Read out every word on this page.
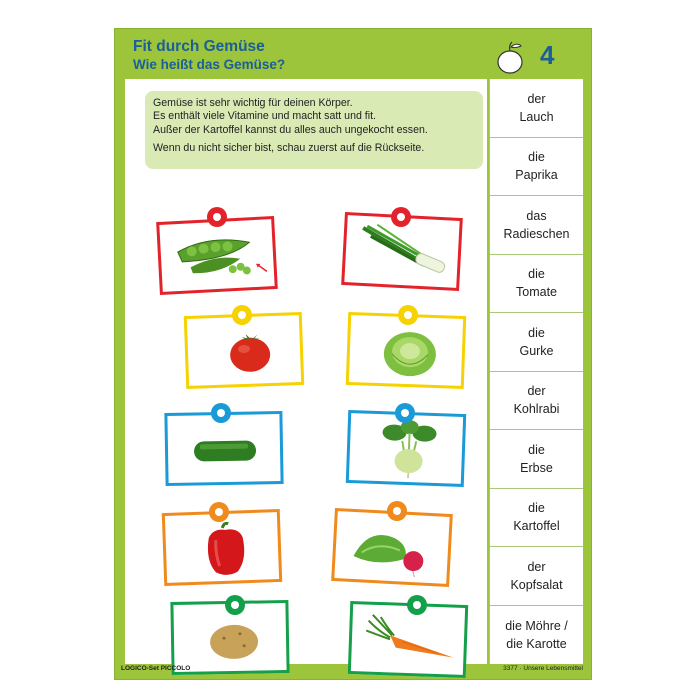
Fit durch Gemüse
Wie heißt das Gemüse?	4

Gemüse ist sehr wichtig für deinen Körper.
Es enthält viele Vitamine und macht satt und fit.
Außer der Kartoffel kannst du alles auch ungekocht essen.

Wenn du nicht sicher bist, schau zuerst auf die Rückseite.

der
Lauch
die
Paprika
das
Radieschen
die
Tomate
die
Gurke
der
Kohlrabi
die
Erbse
die
Kartoffel
der
Kopfsalat
die Möhre /
die Karotte
LOGICO-Set PICCOLO	3377 · Unsere Lebensmittel
